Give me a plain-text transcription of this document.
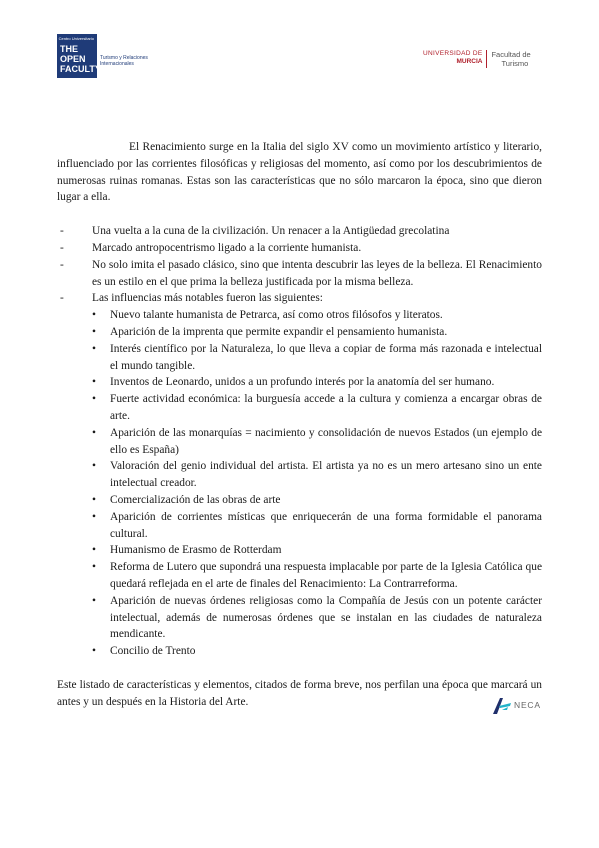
Centro Universitario
THE OPEN FACULTY
Turismo y Relaciones Internacionales
UNIVERSIDAD DE
MURCIA
Facultad de
Turismo

El Renacimiento surge en la Italia del siglo XV como un movimiento artístico y literario, influenciado por las corrientes filosóficas y religiosas del momento, así como por los descubrimientos de numerosas ruinas romanas. Estas son las características que no sólo marcaron la época, sino que dieron lugar a ella.

- Una vuelta a la cuna de la civilización. Un renacer a la Antigüedad grecolatina
- Marcado antropocentrismo ligado a la corriente humanista.
- No solo imita el pasado clásico, sino que intenta descubrir las leyes de la belleza. El Renacimiento es un estilo en el que prima la belleza justificada por la misma belleza.
- Las influencias más notables fueron las siguientes:
• Nuevo talante humanista de Petrarca, así como otros filósofos y literatos.
• Aparición de la imprenta que permite expandir el pensamiento humanista.
• Interés científico por la Naturaleza, lo que lleva a copiar de forma más razonada e intelectual el mundo tangible.
• Inventos de Leonardo, unidos a un profundo interés por la anatomía del ser humano.
• Fuerte actividad económica: la burguesía accede a la cultura y comienza a encargar obras de arte.
• Aparición de las monarquías = nacimiento y consolidación de nuevos Estados (un ejemplo de ello es España)
• Valoración del genio individual del artista. El artista ya no es un mero artesano sino un ente intelectual creador.
• Comercialización de las obras de arte
• Aparición de corrientes místicas que enriquecerán de una forma formidable el panorama cultural.
• Humanismo de Erasmo de Rotterdam
• Reforma de Lutero que supondrá una respuesta implacable por parte de la Iglesia Católica que quedará reflejada en el arte de finales del Renacimiento: La Contrarreforma.
• Aparición de nuevas órdenes religiosas como la Compañía de Jesús con un potente carácter intelectual, además de numerosas órdenes que se instalan en las ciudades de naturaleza mendicante.
• Concilio de Trento

Este listado de características y elementos, citados de forma breve, nos perfilan una época que marcará un antes y un después en la Historia del Arte.	NECA
